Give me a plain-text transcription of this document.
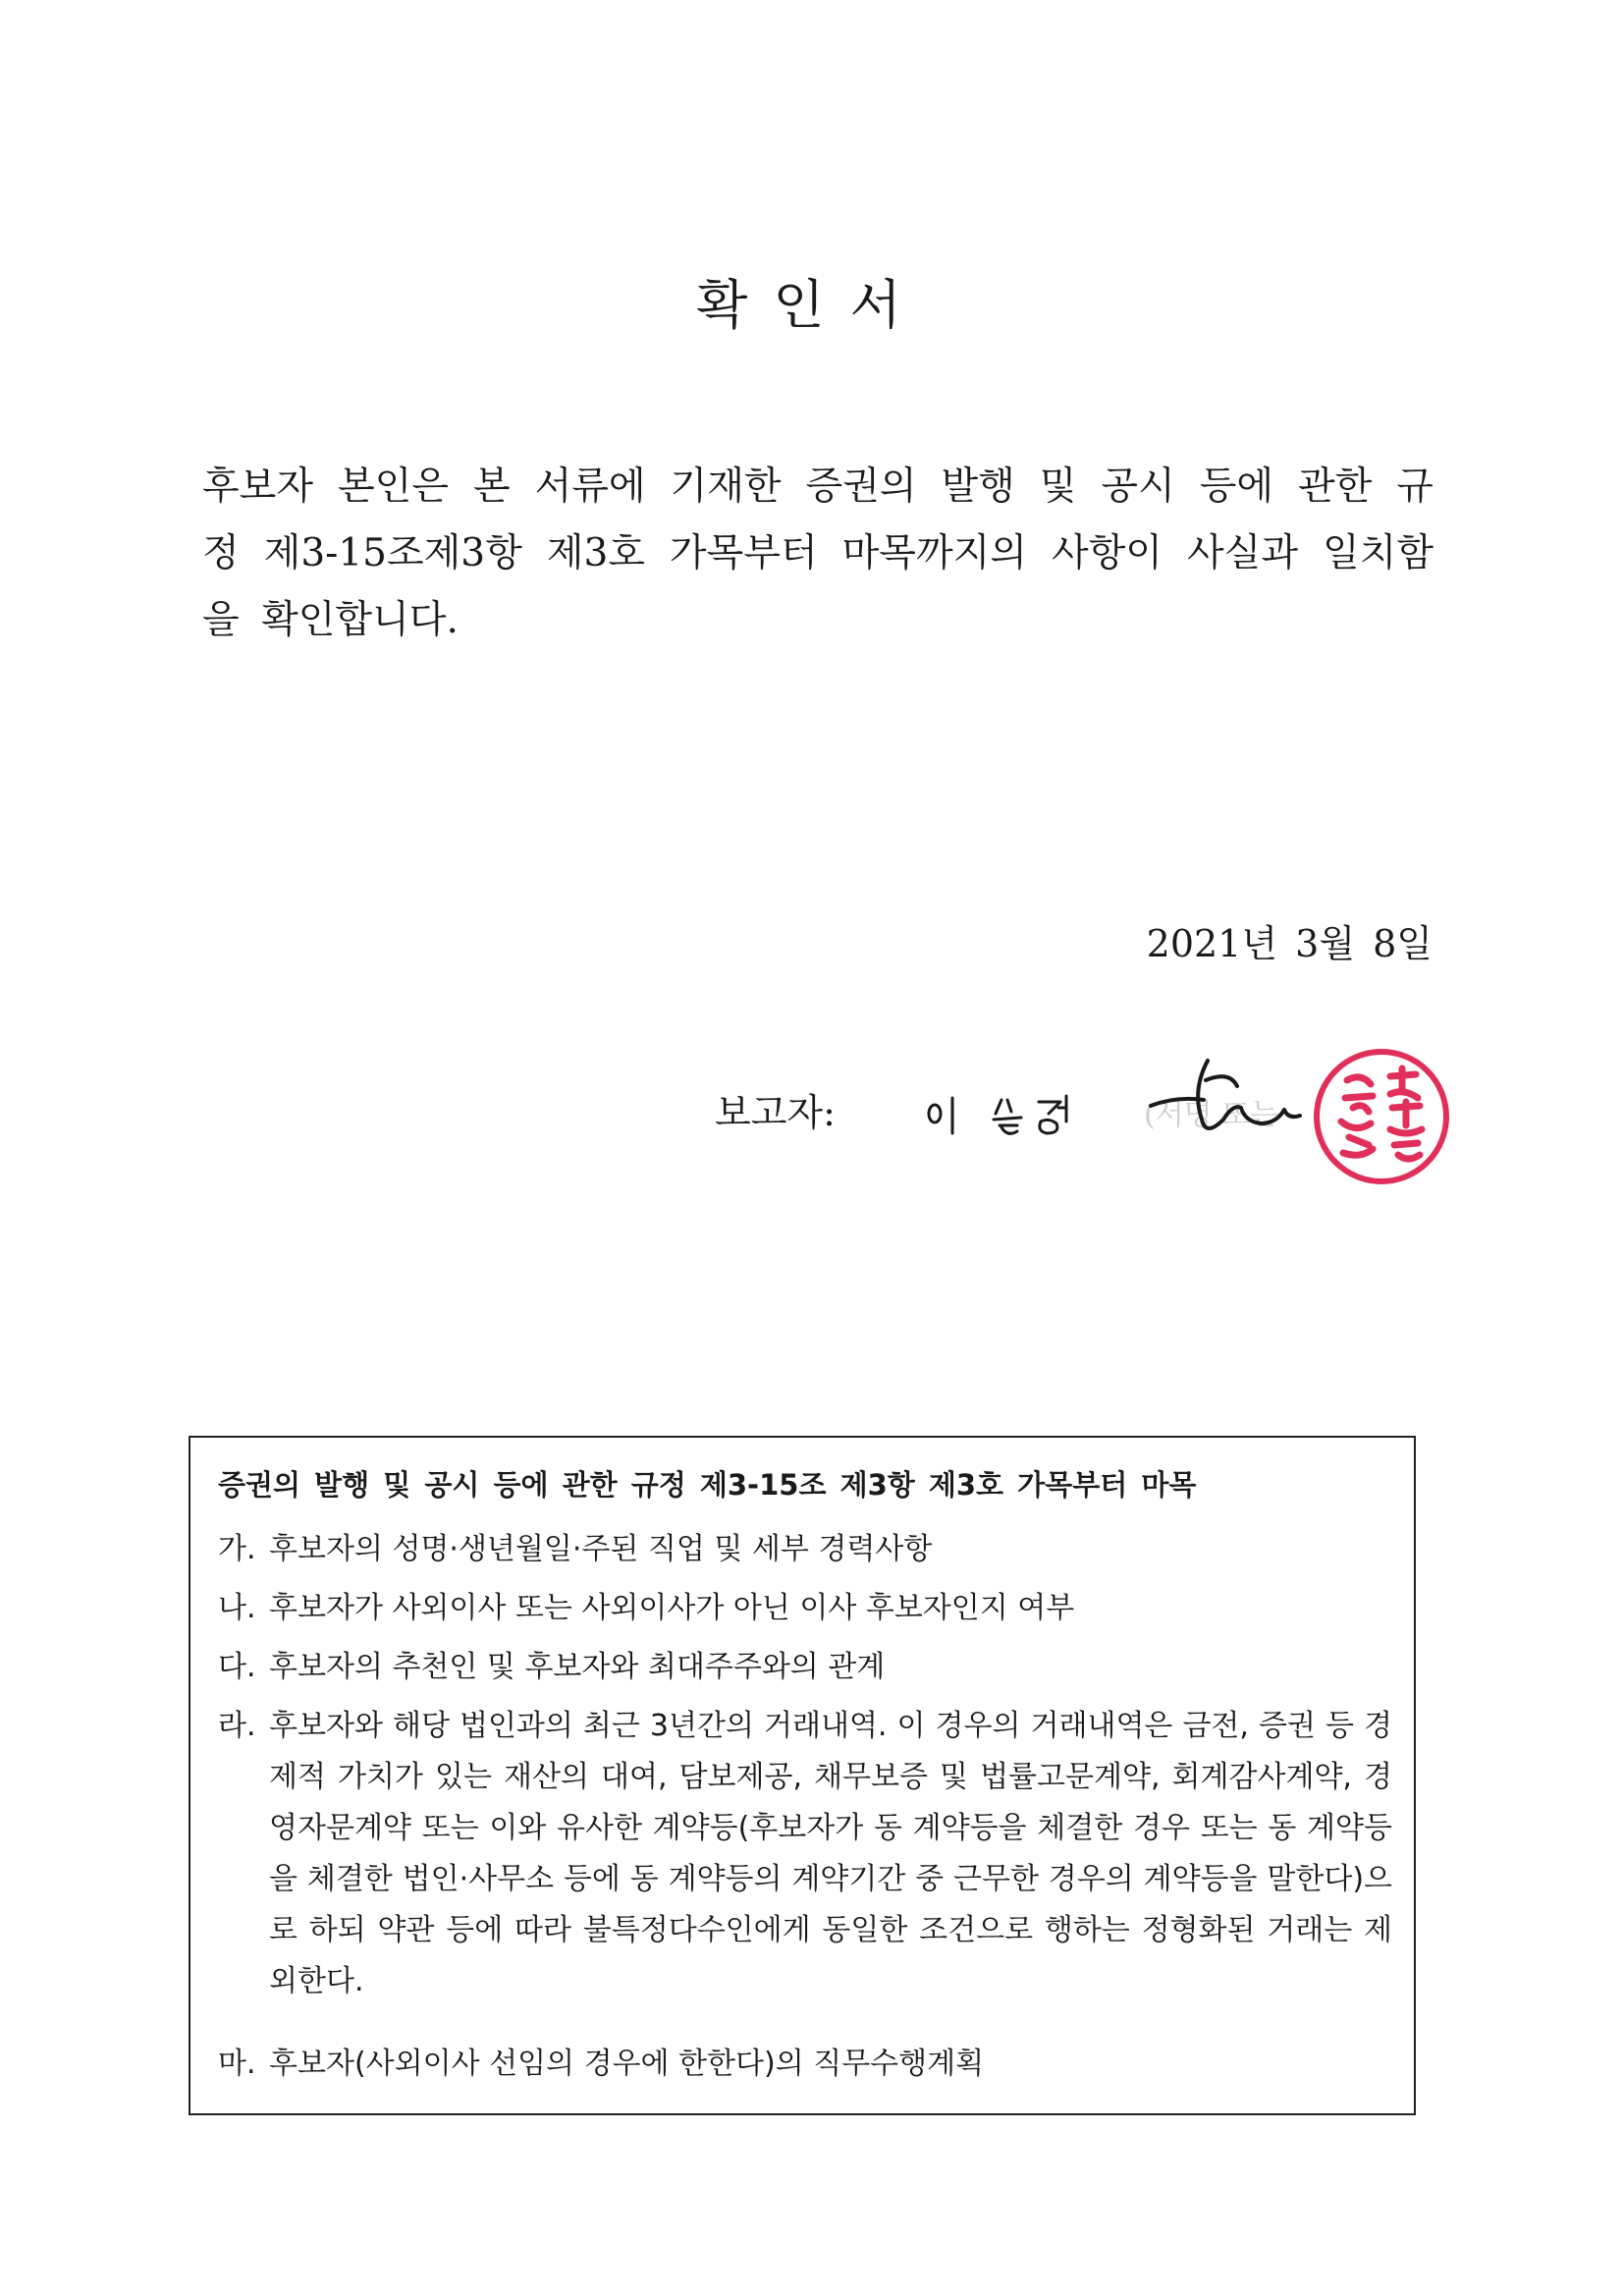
확인서
후보자 본인은 본 서류에 기재한 증권의 발행 및 공시 등에 관한 규정 제3-15조제3항 제3호 가목부터 마목까지의 사항이 사실과 일치함을 확인합니다.
2021년 3월 8일
보고자:	(서명 또는
증권의 발행 및 공시 등에 관한 규정 제3-15조 제3항 제3호 가목부터 마목
가. 후보자의 성명·생년월일·주된 직업 및 세부 경력사항
나. 후보자가 사외이사 또는 사외이사가 아닌 이사 후보자인지 여부
다. 후보자의 추천인 및 후보자와 최대주주와의 관계
라. 후보자와 해당 법인과의 최근 3년간의 거래내역. 이 경우의 거래내역은 금전, 증권 등 경제적 가치가 있는 재산의 대여, 담보제공, 채무보증 및 법률고문계약, 회계감사계약, 경영자문계약 또는 이와 유사한 계약등(후보자가 동 계약등을 체결한 경우 또는 동 계약등을 체결한 법인·사무소 등에 동 계약등의 계약기간 중 근무한 경우의 계약등을 말한다)으로 하되 약관 등에 따라 불특정다수인에게 동일한 조건으로 행하는 정형화된 거래는 제외한다.
마. 후보자(사외이사 선임의 경우에 한한다)의 직무수행계획
